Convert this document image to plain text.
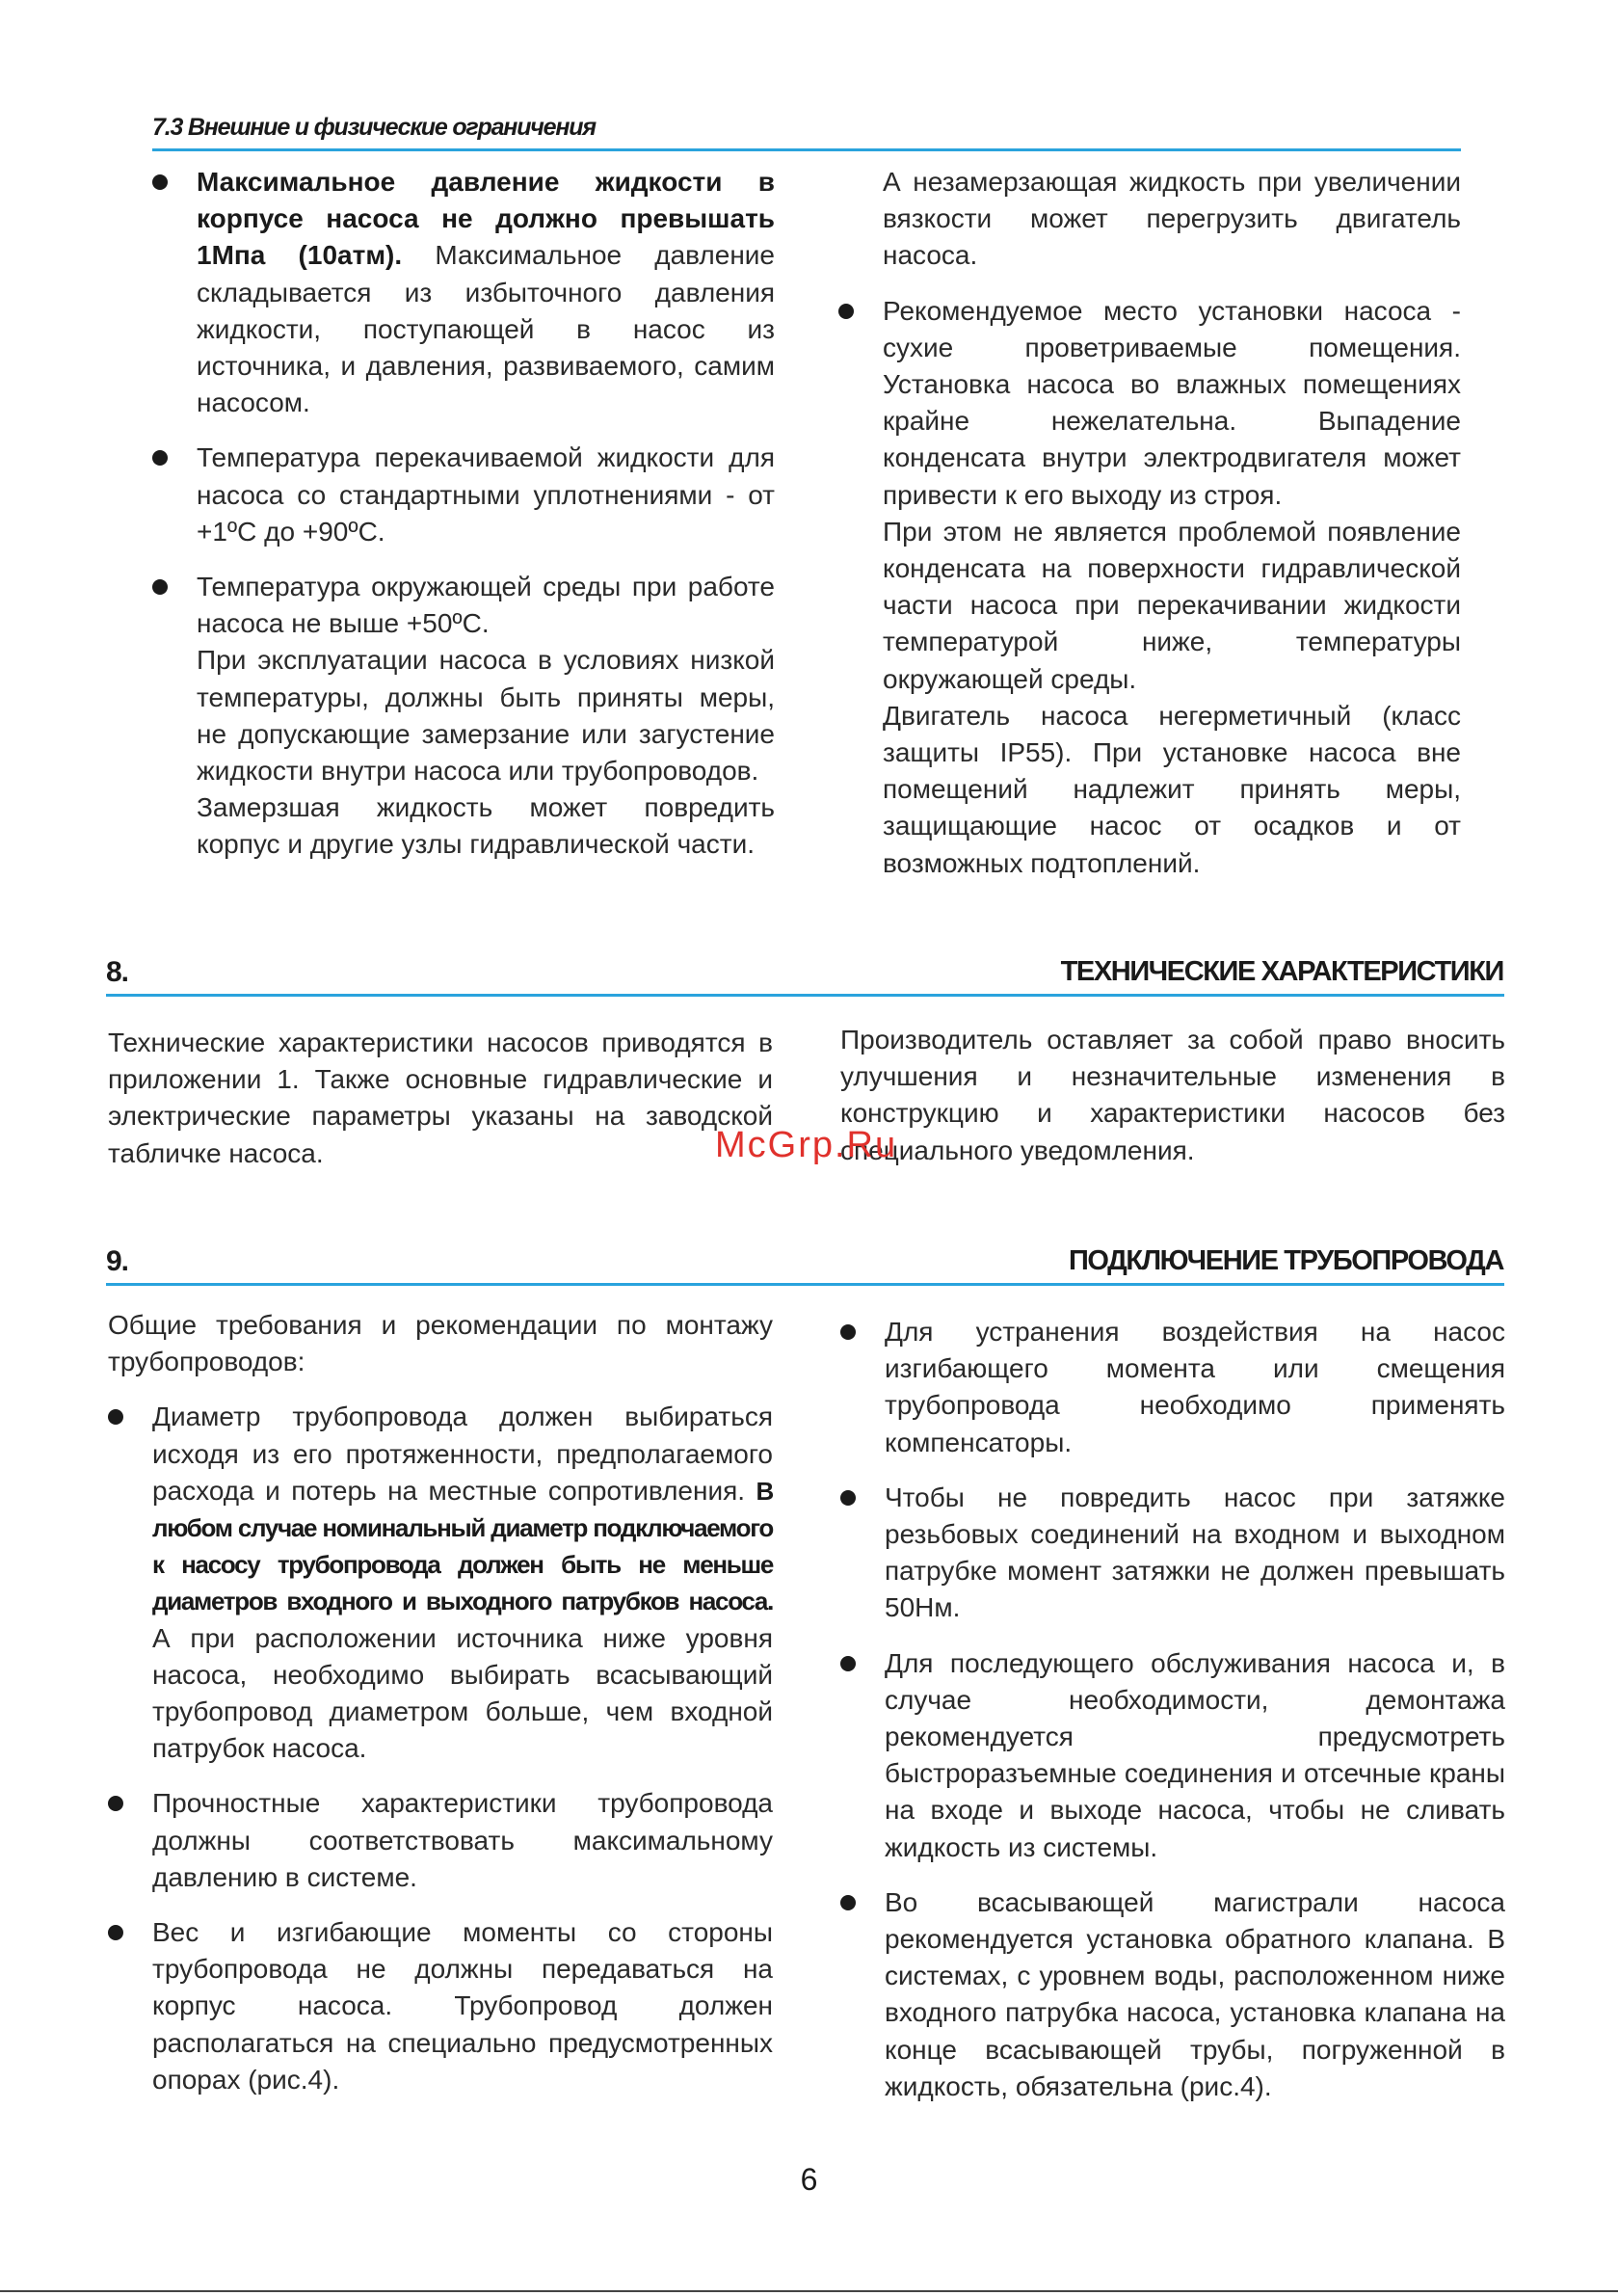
7.3 Внешние и физические ограничения

Максимальное давление жидкости в корпусе насоса не должно превышать 1Мпа (10атм). Максимальное давление складывается из избыточного давления жидкости, поступающей в насос из источника, и давления, развиваемого, самим насосом.

Температура перекачиваемой жидкости для насоса со стандартными уплотнениями - от +1ºС до +90ºС.

Температура окружающей среды при работе насоса не выше +50ºС.

При эксплуатации насоса в условиях низкой температуры, должны быть приняты меры, не допускающие замерзание или загустение жидкости внутри насоса или трубопроводов.

Замерзшая жидкость может повредить корпус и другие узлы гидравлической части.

А незамерзающая жидкость при увеличении вязкости может перегрузить двигатель насоса.

Рекомендуемое место установки насоса - сухие проветриваемые помещения. Установка насоса во влажных помещениях крайне нежелательна. Выпадение конденсата внутри электродвигателя может привести к его выходу из строя.

При этом не является проблемой появление конденсата на поверхности гидравлической части насоса при перекачивании жидкости температурой ниже, температуры окружающей среды.

Двигатель насоса негерметичный (класс защиты IP55). При установке насоса вне помещений надлежит принять меры, защищающие насос от осадков и от возможных подтоплений.

8.	ТЕХНИЧЕСКИЕ ХАРАКТЕРИСТИКИ
Технические характеристики насосов приводятся в приложении 1. Также основные гидравлические и электрические параметры указаны на заводской табличке насоса.
Производитель оставляет за собой право вносить улучшения и незначительные изменения в конструкцию и характеристики насосов без специального уведомления.
McGrp.Ru
9.	ПОДКЛЮЧЕНИЕ ТРУБОПРОВОДА

Общие требования и рекомендации по монтажу трубопроводов:

Диаметр трубопровода должен выбираться исходя из его протяженности, предполагаемого расхода и потерь на местные сопротивления. В любом случае номинальный диаметр подключаемого к насосу трубопровода должен быть не меньше диаметров входного и выходного патрубков насоса. А при расположении источника ниже уровня насоса, необходимо выбирать всасывающий трубопровод диаметром больше, чем входной патрубок насоса.

Прочностные характеристики трубопровода должны соответствовать максимальному давлению в системе.

Вес и изгибающие моменты со стороны трубопровода не должны передаваться на корпус насоса. Трубопровод должен располагаться на специально предусмотренных опорах (рис.4).

Для устранения воздействия на насос изгибающего момента или смещения трубопровода необходимо применять компенсаторы.

Чтобы не повредить насос при затяжке резьбовых соединений на входном и выходном патрубке момент затяжки не должен превышать 50Нм.

Для последующего обслуживания насоса и, в случае необходимости, демонтажа рекомендуется предусмотреть быстроразъемные соединения и отсечные краны на входе и выходе насоса, чтобы не сливать жидкость из системы.

Во всасывающей магистрали насоса рекомендуется установка обратного клапана. В системах, с уровнем воды, расположенном ниже входного патрубка насоса, установка клапана на конце всасывающей трубы, погруженной в жидкость, обязательна (рис.4).

6
